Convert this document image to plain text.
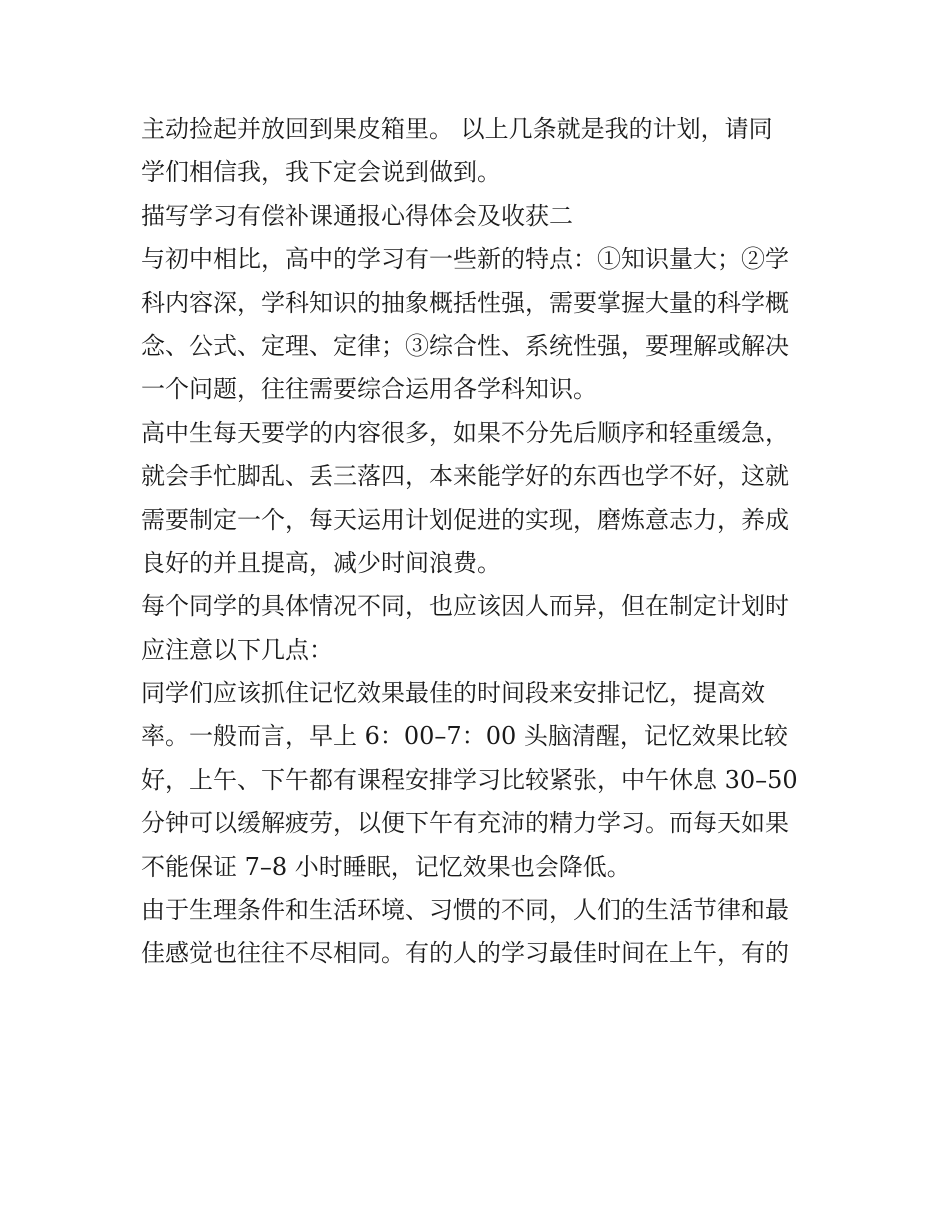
主动捡起并放回到果皮箱里。 以上几条就是我的计划，请同
学们相信我，我下定会说到做到。
描写学习有偿补课通报心得体会及收获二
与初中相比，高中的学习有一些新的特点：①知识量大；②学
科内容深，学科知识的抽象概括性强，需要掌握大量的科学概
念、公式、定理、定律；③综合性、系统性强，要理解或解决
一个问题，往往需要综合运用各学科知识。
高中生每天要学的内容很多，如果不分先后顺序和轻重缓急，
就会手忙脚乱、丢三落四，本来能学好的东西也学不好，这就
需要制定一个，每天运用计划促进的实现，磨炼意志力，养成
良好的并且提高，减少时间浪费。
每个同学的具体情况不同，也应该因人而异，但在制定计划时
应注意以下几点：
同学们应该抓住记忆效果最佳的时间段来安排记忆，提高效
率。一般而言，早上 6：00–7：00 头脑清醒，记忆效果比较
好，上午、下午都有课程安排学习比较紧张，中午休息 30–50
分钟可以缓解疲劳，以便下午有充沛的精力学习。而每天如果
不能保证 7–8 小时睡眠，记忆效果也会降低。
由于生理条件和生活环境、习惯的不同，人们的生活节律和最
佳感觉也往往不尽相同。有的人的学习最佳时间在上午，有的
